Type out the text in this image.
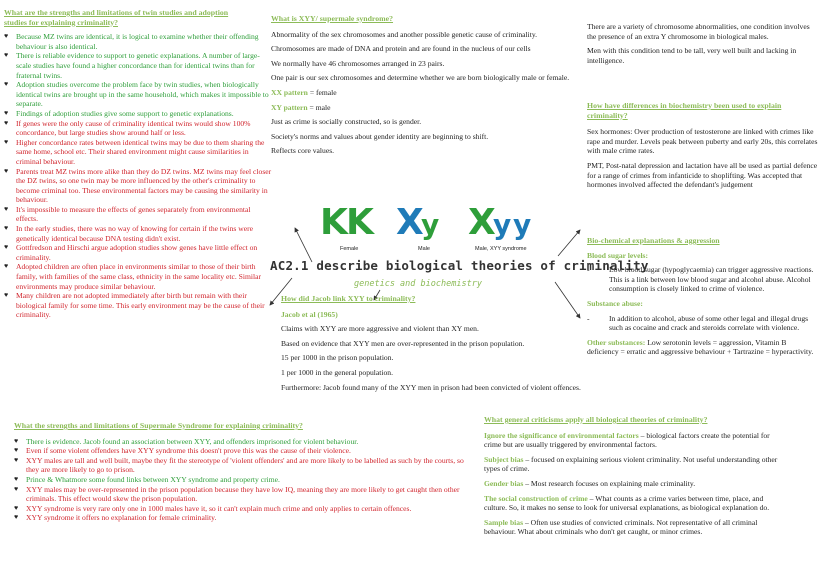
What are the strengths and limitations of twin studies and adoption studies for explaining criminality?
♥ Because MZ twins are identical, it is logical to examine whether their offending behaviour is also identical.
♥ There is reliable evidence to support to genetic explanations. A number of large-scale studies have found a higher concordance than for identical twins than for fraternal twins.
♥ Adoption studies overcome the problem face by twin studies, when biologically identical twins are brought up in the same household, which makes it impossible to separate.
♥ Findings of adoption studies give some support to genetic explanations.
♥ If genes were the only cause of criminality identical twins would show 100% concordance, but large studies show around half or less.
♥ Higher concordance rates between identical twins may be due to them sharing the same home, school etc. Their shared environment might cause similarities in criminal behaviour.
♥ Parents treat MZ twins more alike than they do DZ twins. MZ twins may feel closer the DZ twins, so one twin may be more influenced by the other's criminality to become criminal too. These environmental factors may be causing the similarity in behaviour.
♥ It's impossible to measure the effects of genes separately from environmental effects.
♥ In the early studies, there was no way of knowing for certain if the twins were genetically identical because DNA testing didn't exist.
♥ Gottfredson and Hirschi argue adoption studies show genes have little effect on criminality.
♥ Adopted children are often place in environments similar to those of their birth family, with families of the same class, ethnicity in the same locality etc. Similar environments may produce similar behaviour.
♥ Many children are not adopted immediately after birth but remain with their biological family for some time. This early environment may be the cause of their criminality.
What the strengths and limitations of Supermale Syndrome for explaining criminality?
♥ There is evidence. Jacob found an association between XYY, and offenders imprisoned for violent behaviour.
♥ Even if some violent offenders have XYY syndrome this doesn't prove this was the cause of their violence.
♥ XYY males are tall and well built, maybe they fit the stereotype of 'violent offenders' and are more likely to be labelled as such by the courts, so they are more likely to go to prison.
♥ Prince & Whatmore some found links between XYY syndrome and property crime.
♥ XYY males may be over-represented in the prison population because they have low IQ, meaning they are more likely to get caught then other criminals. This effect would skew the prison population.
♥ XYY syndrome is very rare only one in 1000 males have it, so it can't explain much crime and only applies to certain offences.
♥ XYY syndrome it offers no explanation for female criminality.
What is XYY/ supermale syndrome?

Abnormality of the sex chromosomes and another possible genetic cause of criminality.

Chromosomes are made of DNA and protein and are found in the nucleus of our cells

We normally have 46 chromosomes arranged in 23 pairs.

One pair is our sex chromosomes and determine whether we are born biologically male or female.

XX pattern = female

XY pattern = male

Just as crime is socially constructed, so is gender.

Society's norms and values about gender identity are beginning to shift.

Reflects core values.

K
K X
y X
y y
Female	Male	Male, XYY syndrome
AC2.1 describe biological theories of criminality
genetics and biochemistry
How did Jacob link XYY to criminality?

Jacob et al (1965)

Claims with XYY are more aggressive and violent than XY men.

Based on evidence that XYY men are over-represented in the prison population.

15 per 1000 in the prison population.

1 per 1000 in the general population.

Furthermore: Jacob found many of the XYY men in prison had been convicted of violent offences.

There are a variety of chromosome abnormalities, one condition involves the presence of an extra Y chromosome in biological males.

Men with this condition tend to be tall, very well built and lacking in intelligence.

How have differences in biochemistry been used to explain criminality?

Sex hormones: Over production of testosterone are linked with crimes like rape and murder. Levels peak between puberty and early 20s, this correlates with male crime rates.

PMT, Post-natal depression and lactation have all be used as partial defence for a range of crimes from infanticide to shoplifting. Was accepted that hormones involved affected the defendant's judgement

Bio-chemical explanations & aggression

Blood sugar levels:

- Low blood sugar (hypoglycaemia) can trigger aggressive reactions. This is a link between low blood sugar and alcohol abuse. Alcohol consumption is closely linked to crime of violence.

Substance abuse:

- In addition to alcohol, abuse of some other legal and illegal drugs such as cocaine and crack and steroids correlate with violence.

Other substances: Low serotonin levels = aggression, Vitamin B deficiency = erratic and aggressive behaviour + Tartrazine = hyperactivity.

What general criticisms apply all biological theories of criminality?

Ignore the significance of environmental factors – biological factors create the potential for crime but are usually triggered by environmental factors.

Subject bias – focused on explaining serious violent criminality. Not useful understanding other types of crime.

Gender bias – Most research focuses on explaining male criminality.

The social construction of crime – What counts as a crime varies between time, place, and culture. So, it makes no sense to look for universal explanations, as biological explanation do.

Sample bias – Often use studies of convicted criminals. Not representative of all criminal behaviour. What about criminals who don't get caught, or minor crimes.
